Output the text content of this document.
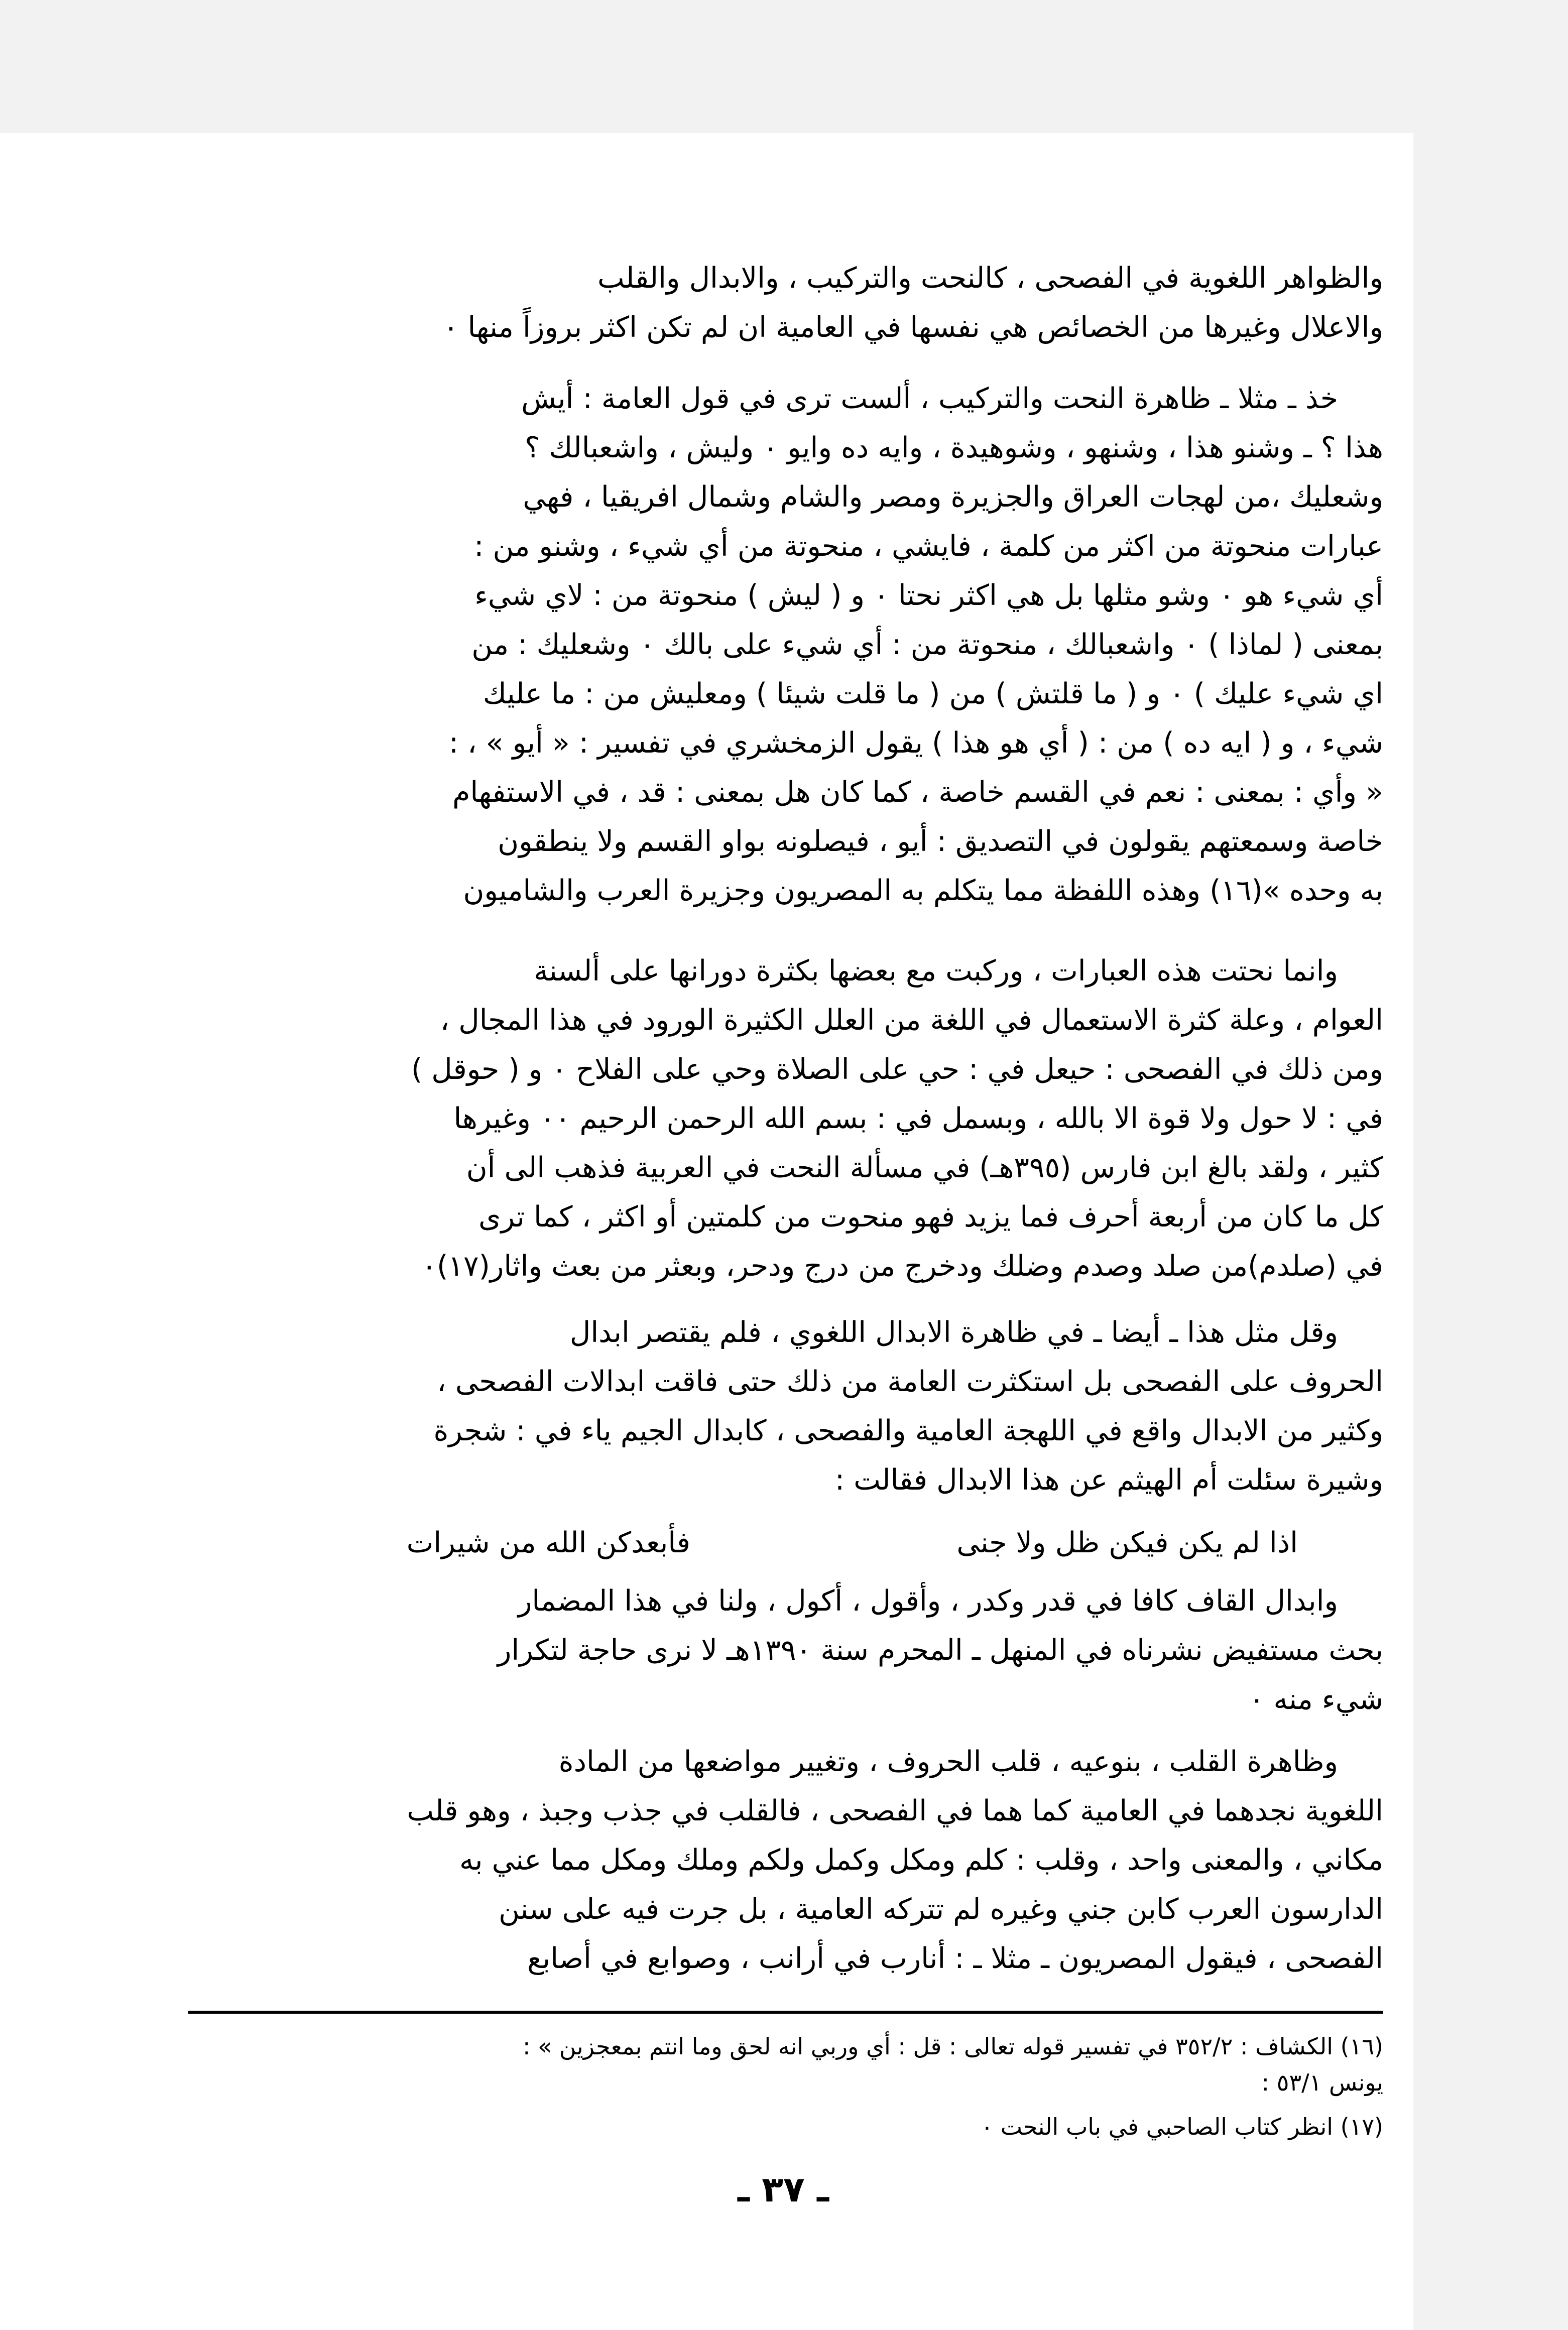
والظواهر اللغوية في الفصحى ، كالنحت والتركيب ، والابدال والقلب
والاعلال وغيرها من الخصائص هي نفسها في العامية ان لم تكن اكثر بروزاً منها ٠
خذ ـ مثلا ـ ظاهرة النحت والتركيب ، ألست ترى في قول العامة : أيش
هذا ؟ ـ وشنو هذا ، وشنهو ، وشوهيدة ، وايه ده وايو ٠ وليش ، واشعبالك ؟
وشعليك ،من لهجات العراق والجزيرة ومصر والشام وشمال افريقيا ، فهي
عبارات منحوتة من اكثر من كلمة ، فايشي ، منحوتة من أي شيء ، وشنو من :
أي شيء هو ٠ وشو مثلها بل هي اكثر نحتا ٠ و ( ليش ) منحوتة من : لاي شيء
بمعنى ( لماذا ) ٠ واشعبالك ، منحوتة من : أي شيء على بالك ٠ وشعليك : من
اي شيء عليك ) ٠ و ( ما قلتش ) من ( ما قلت شيئا ) ومعليش من : ما عليك
شيء ، و ( ايه ده ) من : ( أي هو هذا ) يقول الزمخشري في تفسير : « أيو » ، :
« وأي : بمعنى : نعم في القسم خاصة ، كما كان هل بمعنى : قد ، في الاستفهام
خاصة وسمعتهم يقولون في التصديق : أيو ، فيصلونه بواو القسم ولا ينطقون
به وحده »(١٦) وهذه اللفظة مما يتكلم به المصريون وجزيرة العرب والشاميون
وانما نحتت هذه العبارات ، وركبت مع بعضها بكثرة دورانها على ألسنة
العوام ، وعلة كثرة الاستعمال في اللغة من العلل الكثيرة الورود في هذا المجال ،
ومن ذلك في الفصحى : حيعل في : حي على الصلاة وحي على الفلاح ٠ و ( حوقل )
في : لا حول ولا قوة الا بالله ، وبسمل في : بسم الله الرحمن الرحيم ٠٠ وغيرها
كثير ، ولقد بالغ ابن فارس (٣٩٥هـ) في مسألة النحت في العربية فذهب الى أن
كل ما كان من أربعة أحرف فما يزيد فهو منحوت من كلمتين أو اكثر ، كما ترى
في (صلدم)من صلد وصدم وضلك ودخرج من درج ودحر، وبعثر من بعث واثار(١٧)٠
وقل مثل هذا ـ أيضا ـ في ظاهرة الابدال اللغوي ، فلم يقتصر ابدال
الحروف على الفصحى بل استكثرت العامة من ذلك حتى فاقت ابدالات الفصحى ،
وكثير من الابدال واقع في اللهجة العامية والفصحى ، كابدال الجيم ياء في : شجرة
وشيرة سئلت أم الهيثم عن هذا الابدال فقالت :
اذا لم يكن فيكن ظل ولا جنى
فأبعدكن الله من شيرات
وابدال القاف كافا في قدر وكدر ، وأقول ، أكول ، ولنا في هذا المضمار
بحث مستفيض نشرناه في المنهل ـ المحرم سنة ١٣٩٠هـ لا نرى حاجة لتكرار
شيء منه ٠
وظاهرة القلب ، بنوعيه ، قلب الحروف ، وتغيير مواضعها من المادة
اللغوية نجدهما في العامية كما هما في الفصحى ، فالقلب في جذب وجبذ ، وهو قلب
مكاني ، والمعنى واحد ، وقلب : كلم ومكل وكمل ولكم وملك ومكل مما عني به
الدارسون العرب كابن جني وغيره لم تتركه العامية ، بل جرت فيه على سنن
الفصحى ، فيقول المصريون ـ مثلا ـ : أنارب في أرانب ، وصوابع في أصابع
(١٦) الكشاف : ٣٥٢/٢ في تفسير قوله تعالى : قل : أي وربي انه لحق وما انتم بمعجزين » :
يونس ٥٣/١ :
(١٧) انظر كتاب الصاحبي في باب النحت ٠
ـ ٣٧ ـ
